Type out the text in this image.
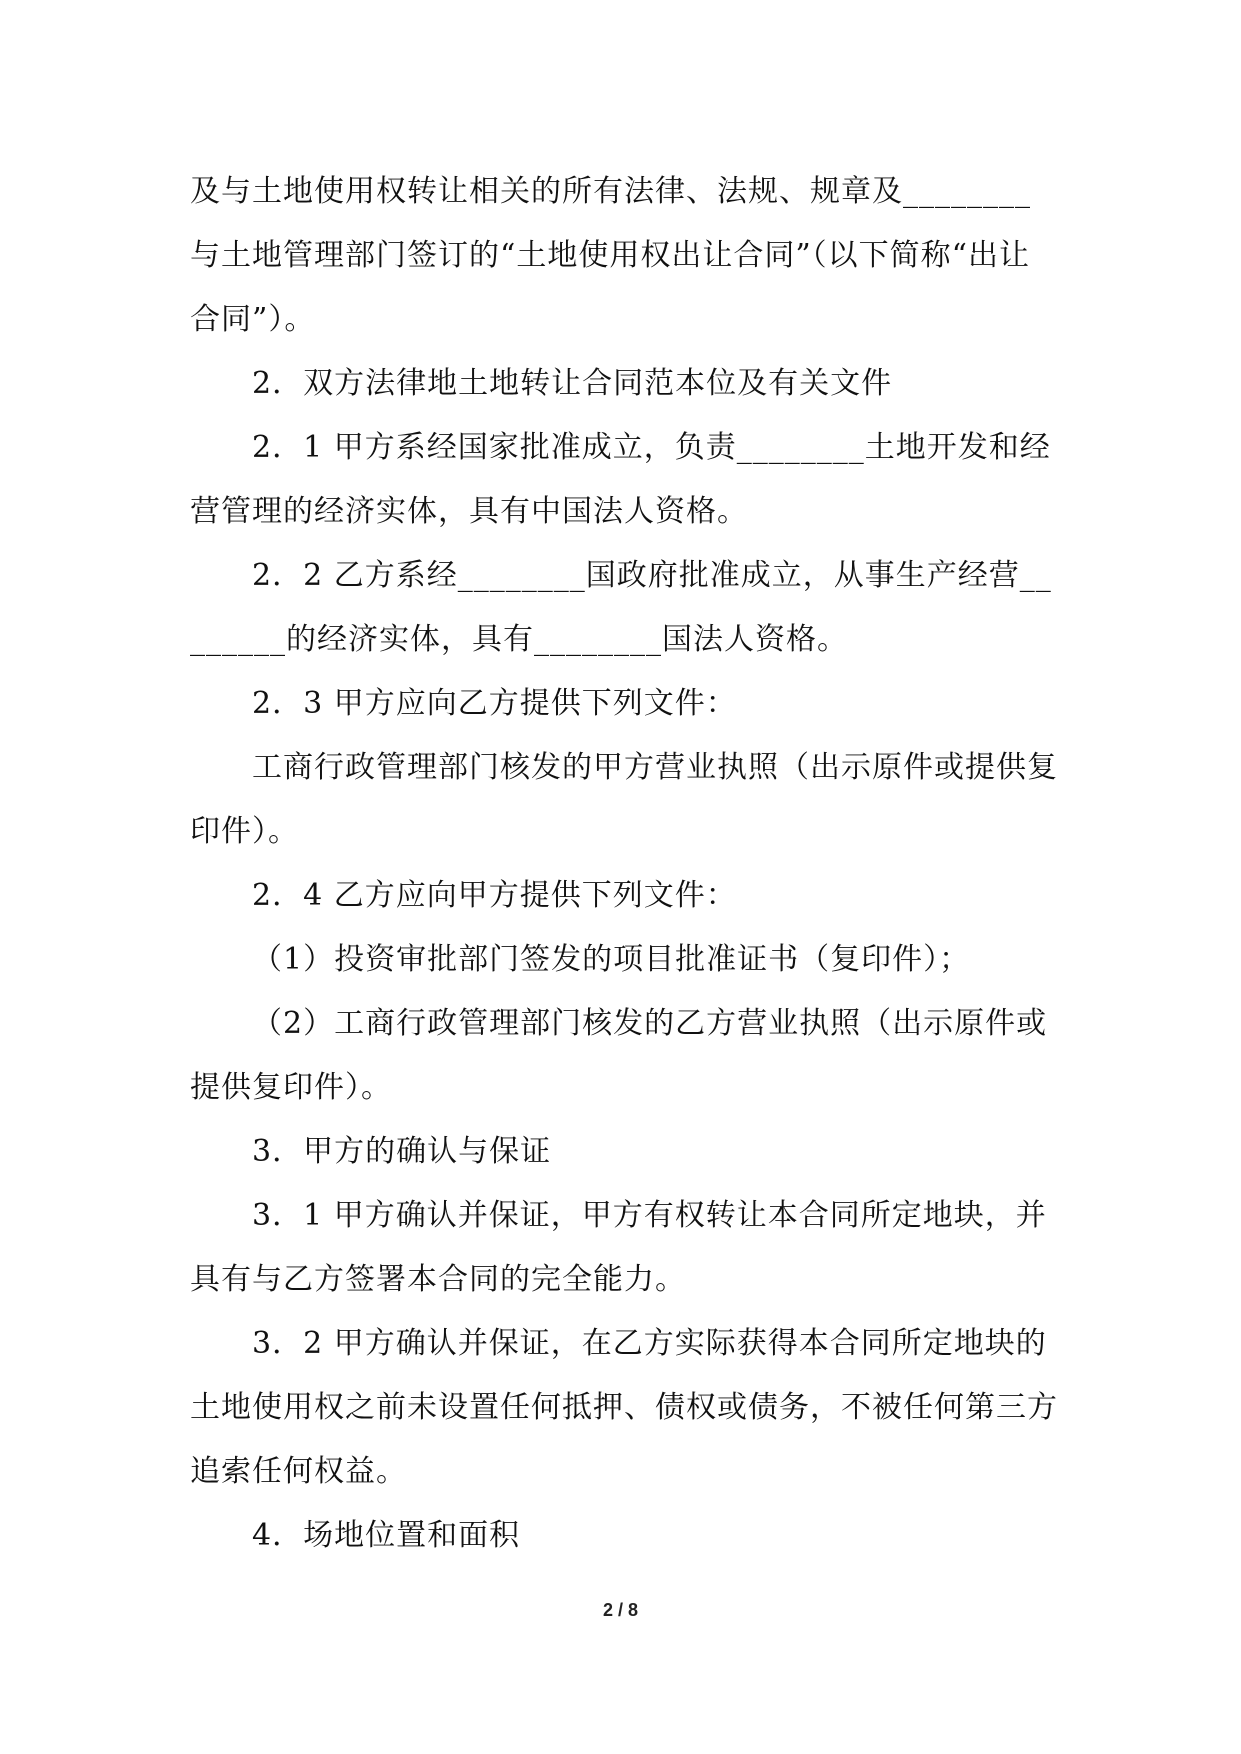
及与土地使用权转让相关的所有法律、法规、规章及________与土地管理部门签订的“土地使用权出让合同”（以下简称“出让合同”）。

2．双方法律地土地转让合同范本位及有关文件

2．1 甲方系经国家批准成立，负责________土地开发和经营管理的经济实体，具有中国法人资格。

2．2 乙方系经________国政府批准成立，从事生产经营________的经济实体，具有________国法人资格。

2．3 甲方应向乙方提供下列文件：

工商行政管理部门核发的甲方营业执照（出示原件或提供复印件）。

2．4 乙方应向甲方提供下列文件：

（1）投资审批部门签发的项目批准证书（复印件）；

（2）工商行政管理部门核发的乙方营业执照（出示原件或提供复印件）。

3．甲方的确认与保证

3．1 甲方确认并保证，甲方有权转让本合同所定地块，并具有与乙方签署本合同的完全能力。

3．2 甲方确认并保证，在乙方实际获得本合同所定地块的土地使用权之前未设置任何抵押、债权或债务，不被任何第三方追索任何权益。

4．场地位置和面积

2 / 8
